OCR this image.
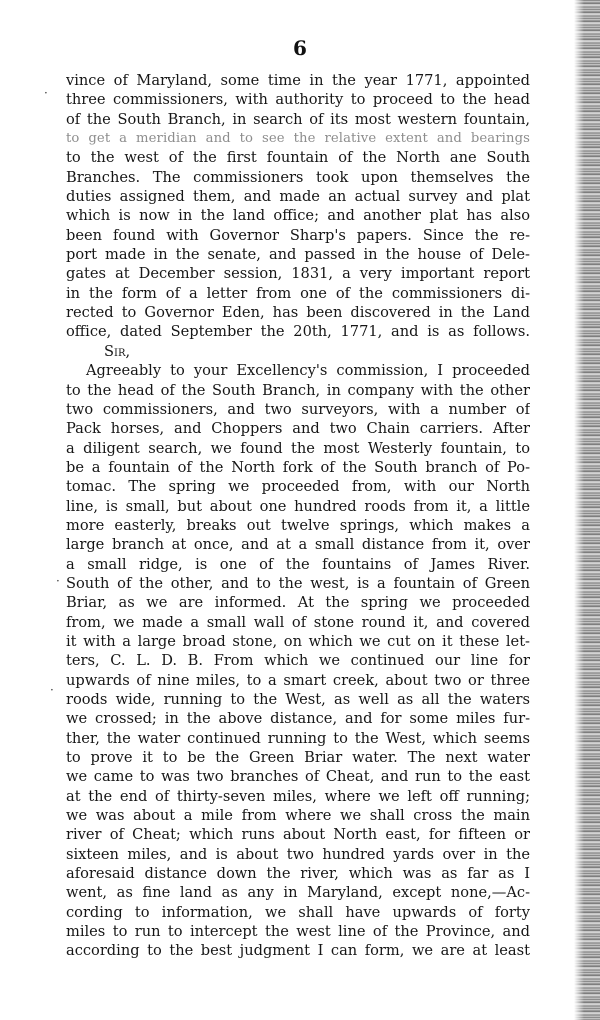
6
vince of Maryland, some time in the year 1771, appointed
three commissioners, with authority to proceed to the head
of the South Branch, in search of its most western fountain,
to get a meridian and to see the relative extent and bearings
to the west of the first fountain of the North ane South
Branches. The commissioners took upon themselves the
duties assigned them, and made an actual survey and plat
which is now in the land office; and another plat has also
been found with Governor Sharp's papers. Since the re-
port made in the senate, and passed in the house of Dele-
gates at December session, 1831, a very important report
in the form of a letter from one of the commissioners di-
rected to Governor Eden, has been discovered in the Land
office, dated September the 20th, 1771, and is as follows.
Sir,
Agreeably to your Excellency's commission, I proceeded
to the head of the South Branch, in company with the other
two commissioners, and two surveyors, with a number of
Pack horses, and Choppers and two Chain carriers. After
a diligent search, we found the most Westerly fountain, to
be a fountain of the North fork of the South branch of Po-
tomac. The spring we proceeded from, with our North
line, is small, but about one hundred roods from it, a little
more easterly, breaks out twelve springs, which makes a
large branch at once, and at a small distance from it, over
a small ridge, is one of the fountains of James River.
South of the other, and to the west, is a fountain of Green
Briar, as we are informed. At the spring we proceeded
from, we made a small wall of stone round it, and covered
it with a large broad stone, on which we cut on it these let-
ters, C. L. D. B. From which we continued our line for
upwards of nine miles, to a smart creek, about two or three
roods wide, running to the West, as well as all the waters
we crossed; in the above distance, and for some miles fur-
ther, the water continued running to the West, which seems
to prove it to be the Green Briar water. The next water
we came to was two branches of Cheat, and run to the east
at the end of thirty-seven miles, where we left off running;
we was about a mile from where we shall cross the main
river of Cheat; which runs about North east, for fifteen or
sixteen miles, and is about two hundred yards over in the
aforesaid distance down the river, which was as far as I
went, as fine land as any in Maryland, except none,—Ac-
cording to information, we shall have upwards of forty
miles to run to intercept the west line of the Province, and
according to the best judgment I can form, we are at least
·
·
·
